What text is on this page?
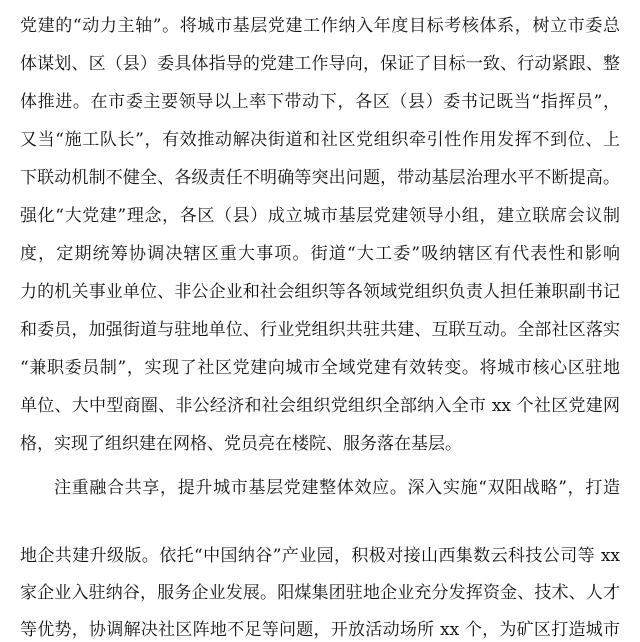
党建的“动力主轴”。将城市基层党建工作纳入年度目标考核体系，树立市委总
体谋划、区（县）委具体指导的党建工作导向，保证了目标一致、行动紧跟、整
体推进。在市委主要领导以上率下带动下，各区（县）委书记既当“指挥员”，
又当“施工队长”，有效推动解决街道和社区党组织牵引性作用发挥不到位、上
下联动机制不健全、各级责任不明确等突出问题，带动基层治理水平不断提高。
强化“大党建”理念，各区（县）成立城市基层党建领导小组，建立联席会议制
度，定期统筹协调决辖区重大事项。街道“大工委”吸纳辖区有代表性和影响
力的机关事业单位、非公企业和社会组织等各领域党组织负责人担任兼职副书记
和委员，加强街道与驻地单位、行业党组织共驻共建、互联互动。全部社区落实
“兼职委员制”，实现了社区党建向城市全域党建有效转变。将城市核心区驻地
单位、大中型商圈、非公经济和社会组织党组织全部纳入全市 xx 个社区党建网
格，实现了组织建在网格、党员亮在楼院、服务落在基层。
注重融合共享，提升城市基层党建整体效应。深入实施“双阳战略”，打造
地企共建升级版。依托“中国纳谷”产业园，积极对接山西集数云科技公司等 xx
家企业入驻纳谷，服务企业发展。阳煤集团驻地企业充分发挥资金、技术、人才
等优势，协调解决社区阵地不足等问题，开放活动场所 xx 个，为矿区打造城市
